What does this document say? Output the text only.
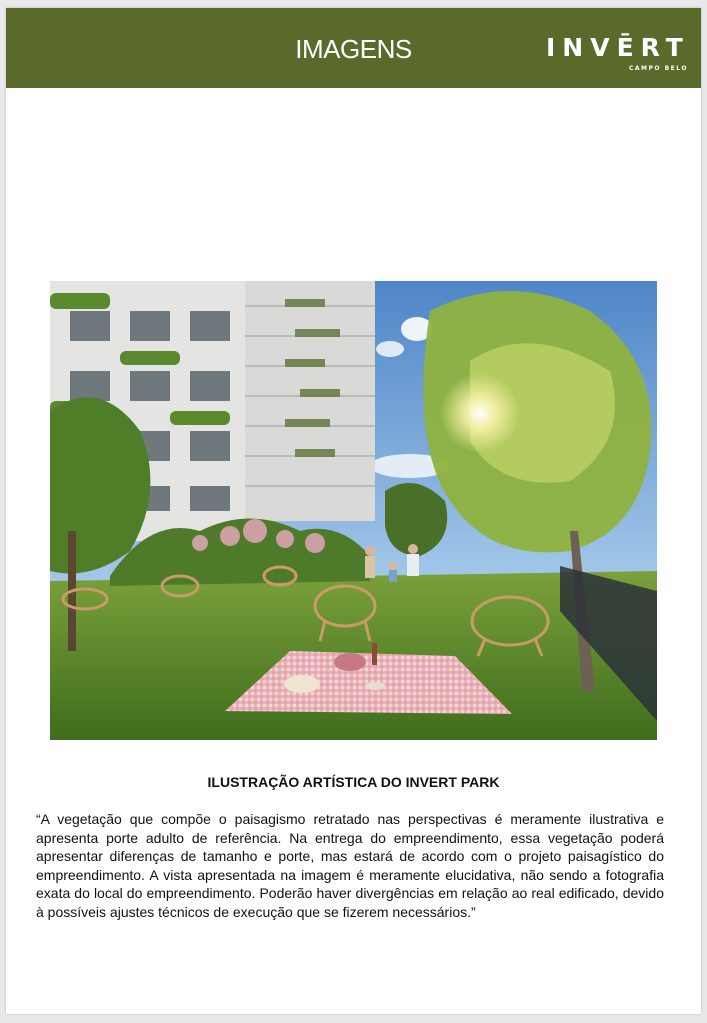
IMAGENS	INVĒRT
CAMPO BELO
ILUSTRAÇÃO ARTÍSTICA DO INVERT PARK
“A vegetação que compõe o paisagismo retratado nas perspectivas é meramente ilustrativa e apresenta porte adulto de referência. Na entrega do empreendimento, essa vegetação poderá apresentar diferenças de tamanho e porte, mas estará de acordo com o projeto paisagístico do empreendimento. A vista apresentada na imagem é meramente elucidativa, não sendo a fotografia exata do local do empreendimento. Poderão haver divergências em relação ao real edificado, devido à possíveis ajustes técnicos de execução que se fizerem necessários.”
